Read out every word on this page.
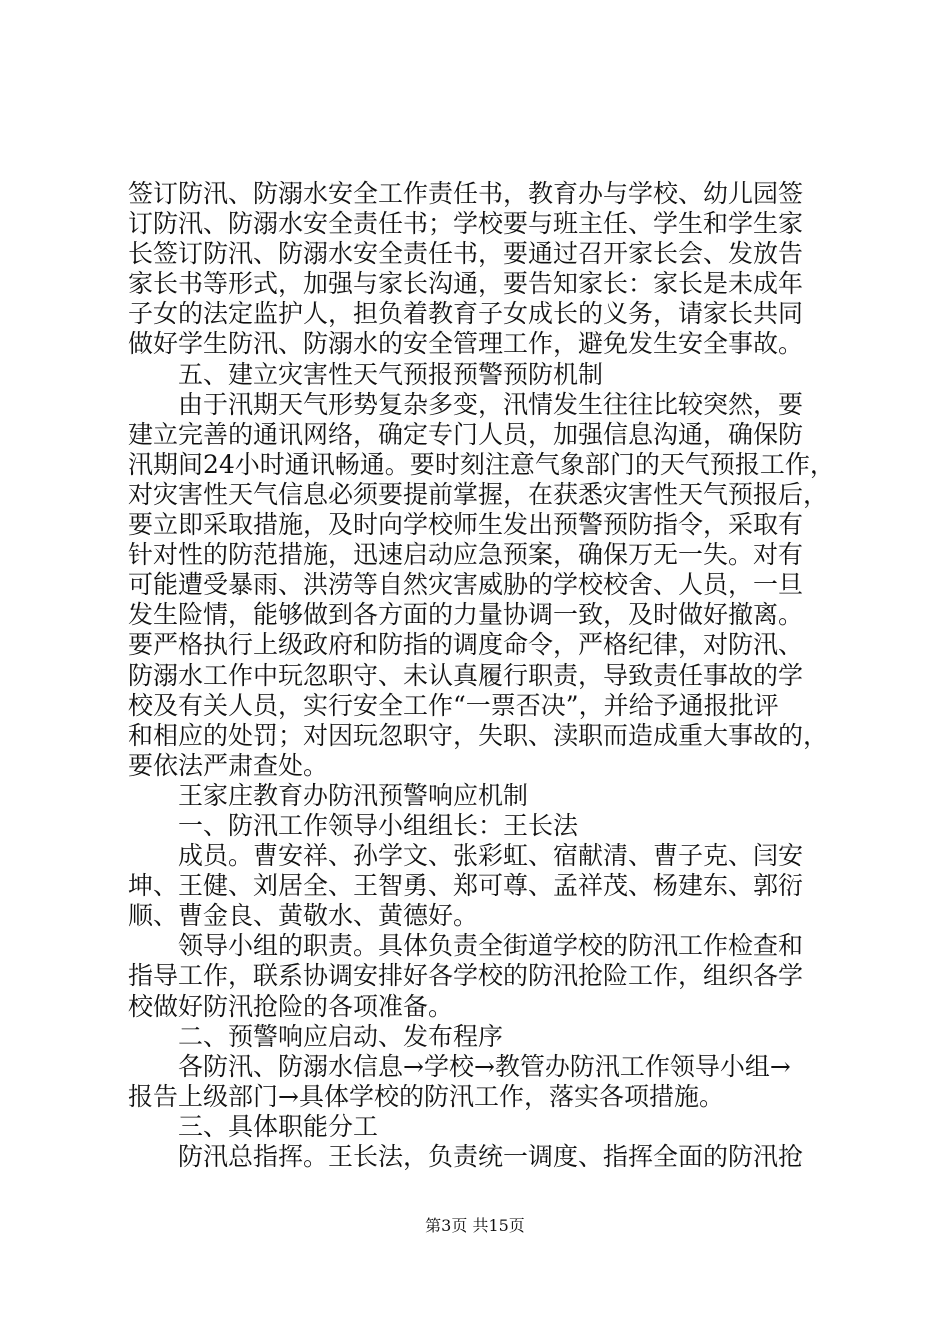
签订防汛、防溺水安全工作责任书，教育办与学校、幼儿园签
订防汛、防溺水安全责任书；学校要与班主任、学生和学生家
长签订防汛、防溺水安全责任书，要通过召开家长会、发放告
家长书等形式，加强与家长沟通，要告知家长：家长是未成年
子女的法定监护人，担负着教育子女成长的义务，请家长共同
做好学生防汛、防溺水的安全管理工作，避免发生安全事故。
　　五、建立灾害性天气预报预警预防机制
　　由于汛期天气形势复杂多变，汛情发生往往比较突然，要
建立完善的通讯网络，确定专门人员，加强信息沟通，确保防
汛期间24小时通讯畅通。要时刻注意气象部门的天气预报工作，
对灾害性天气信息必须要提前掌握，在获悉灾害性天气预报后，
要立即采取措施，及时向学校师生发出预警预防指令，采取有
针对性的防范措施，迅速启动应急预案，确保万无一失。对有
可能遭受暴雨、洪涝等自然灾害威胁的学校校舍、人员，一旦
发生险情，能够做到各方面的力量协调一致，及时做好撤离。
要严格执行上级政府和防指的调度命令，严格纪律，对防汛、
防溺水工作中玩忽职守、未认真履行职责，导致责任事故的学
校及有关人员，实行安全工作“一票否决”，并给予通报批评
和相应的处罚；对因玩忽职守，失职、渎职而造成重大事故的，
要依法严肃查处。
　　王家庄教育办防汛预警响应机制
　　一、防汛工作领导小组组长：王长法
　　成员。曹安祥、孙学文、张彩虹、宿献清、曹子克、闫安
坤、王健、刘居全、王智勇、郑可尊、孟祥茂、杨建东、郭衍
顺、曹金良、黄敬水、黄德好。
　　领导小组的职责。具体负责全街道学校的防汛工作检查和
指导工作，联系协调安排好各学校的防汛抢险工作，组织各学
校做好防汛抢险的各项准备。
　　二、预警响应启动、发布程序
　　各防汛、防溺水信息→学校→教管办防汛工作领导小组→
报告上级部门→具体学校的防汛工作，落实各项措施。
　　三、具体职能分工
　　防汛总指挥。王长法，负责统一调度、指挥全面的防汛抢
第3页 共15页
